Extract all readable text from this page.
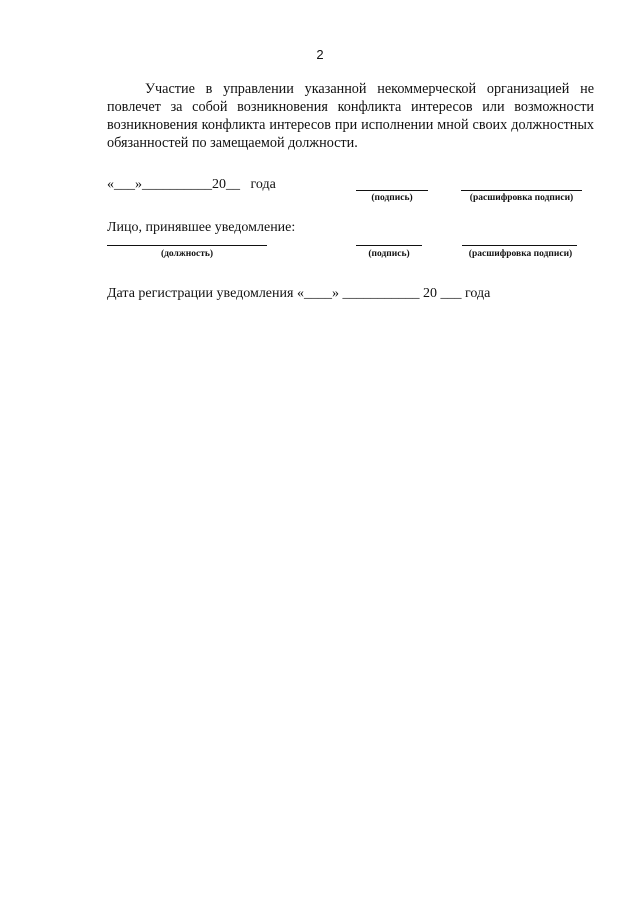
2

Участие в управлении указанной некоммерческой организацией не повлечет за собой возникновения конфликта интересов или возможности возникновения конфликта интересов при исполнении мной своих должностных обязанностей по замещаемой должности.

«___»__________20__ года
(подпись)	(расшифровка подписи)
Лицо, принявшее уведомление:
(должность)	(подпись)	(расшифровка подписи)
Дата регистрации уведомления «____» ___________ 20 ___ года
